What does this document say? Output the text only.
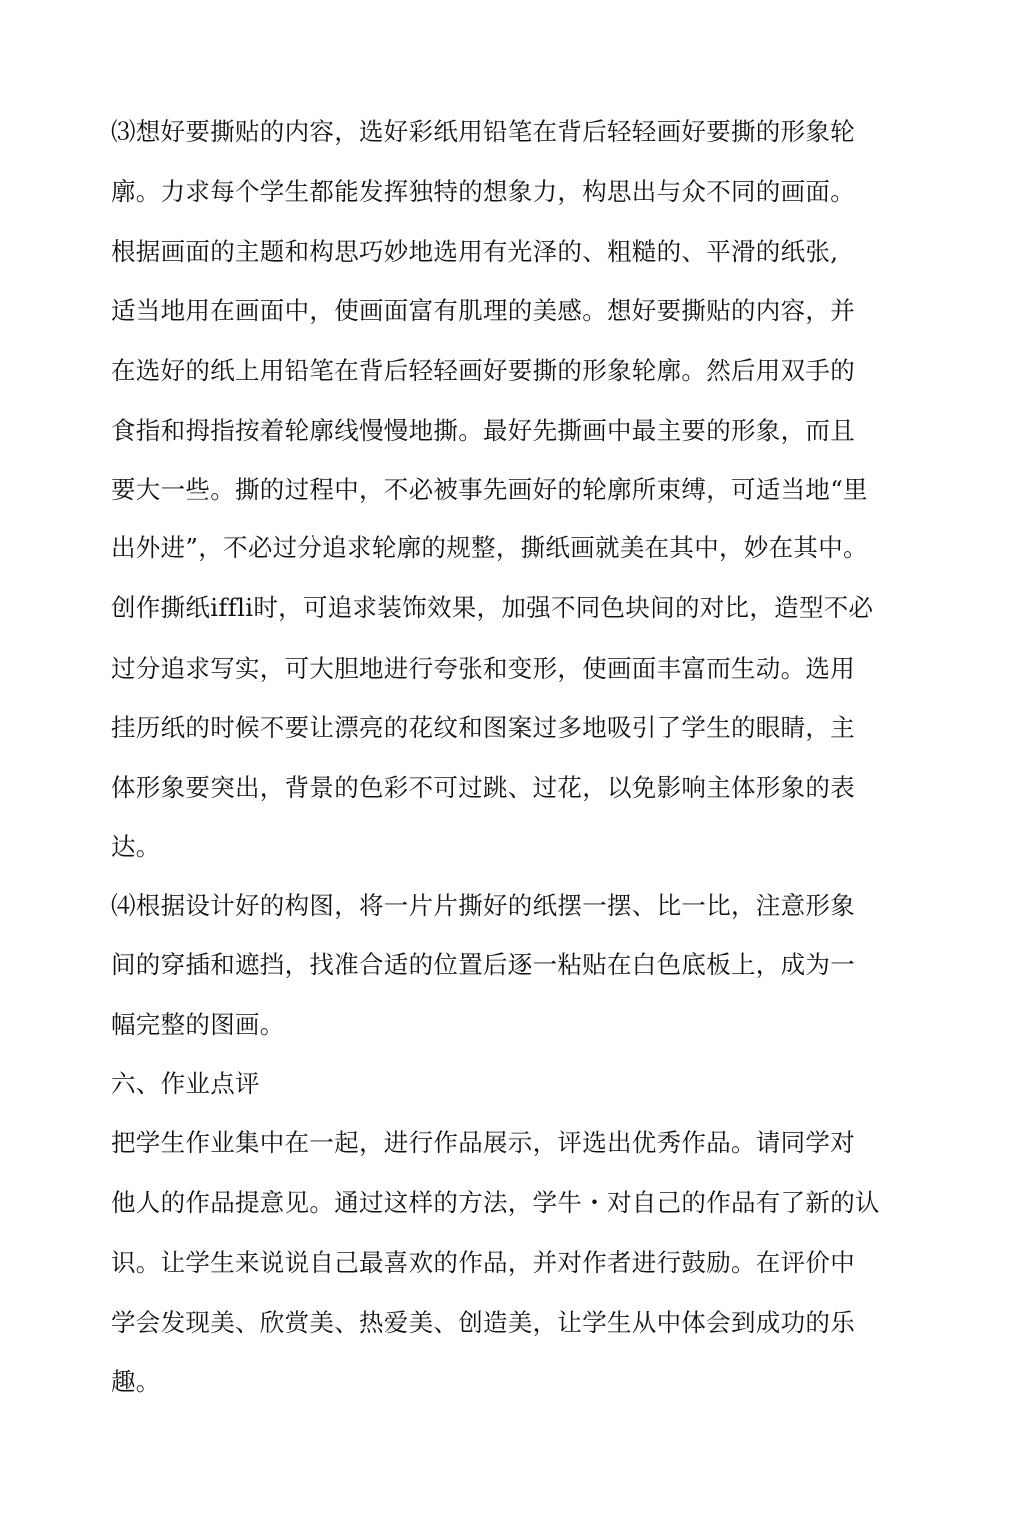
⑶想好要撕贴的内容，选好彩纸用铅笔在背后轻轻画好要撕的形象轮

廓。力求每个学生都能发挥独特的想象力，构思出与众不同的画面。

根据画面的主题和构思巧妙地选用有光泽的、粗糙的、平滑的纸张,

适当地用在画面中，使画面富有肌理的美感。想好要撕贴的内容，并

在选好的纸上用铅笔在背后轻轻画好要撕的形象轮廓。然后用双手的

食指和拇指按着轮廓线慢慢地撕。最好先撕画中最主要的形象，而且

要大一些。撕的过程中，不必被事先画好的轮廓所束缚，可适当地“里

出外进”，不必过分追求轮廓的规整，撕纸画就美在其中，妙在其中。

创作撕纸iffli时，可追求装饰效果，加强不同色块间的对比，造型不必

过分追求写实，可大胆地进行夸张和变形，使画面丰富而生动。选用

挂历纸的时候不要让漂亮的花纹和图案过多地吸引了学生的眼睛，主

体形象要突出，背景的色彩不可过跳、过花，以免影响主体形象的表

达。

⑷根据设计好的构图，将一片片撕好的纸摆一摆、比一比，注意形象

间的穿插和遮挡，找准合适的位置后逐一粘贴在白色底板上，成为一

幅完整的图画。

六、作业点评

把学生作业集中在一起，进行作品展示，评选出优秀作品。请同学对

他人的作品提意见。通过这样的方法，学牛・对自己的作品有了新的认

识。让学生来说说自己最喜欢的作品，并对作者进行鼓励。在评价中

学会发现美、欣赏美、热爱美、创造美，让学生从中体会到成功的乐

趣。
